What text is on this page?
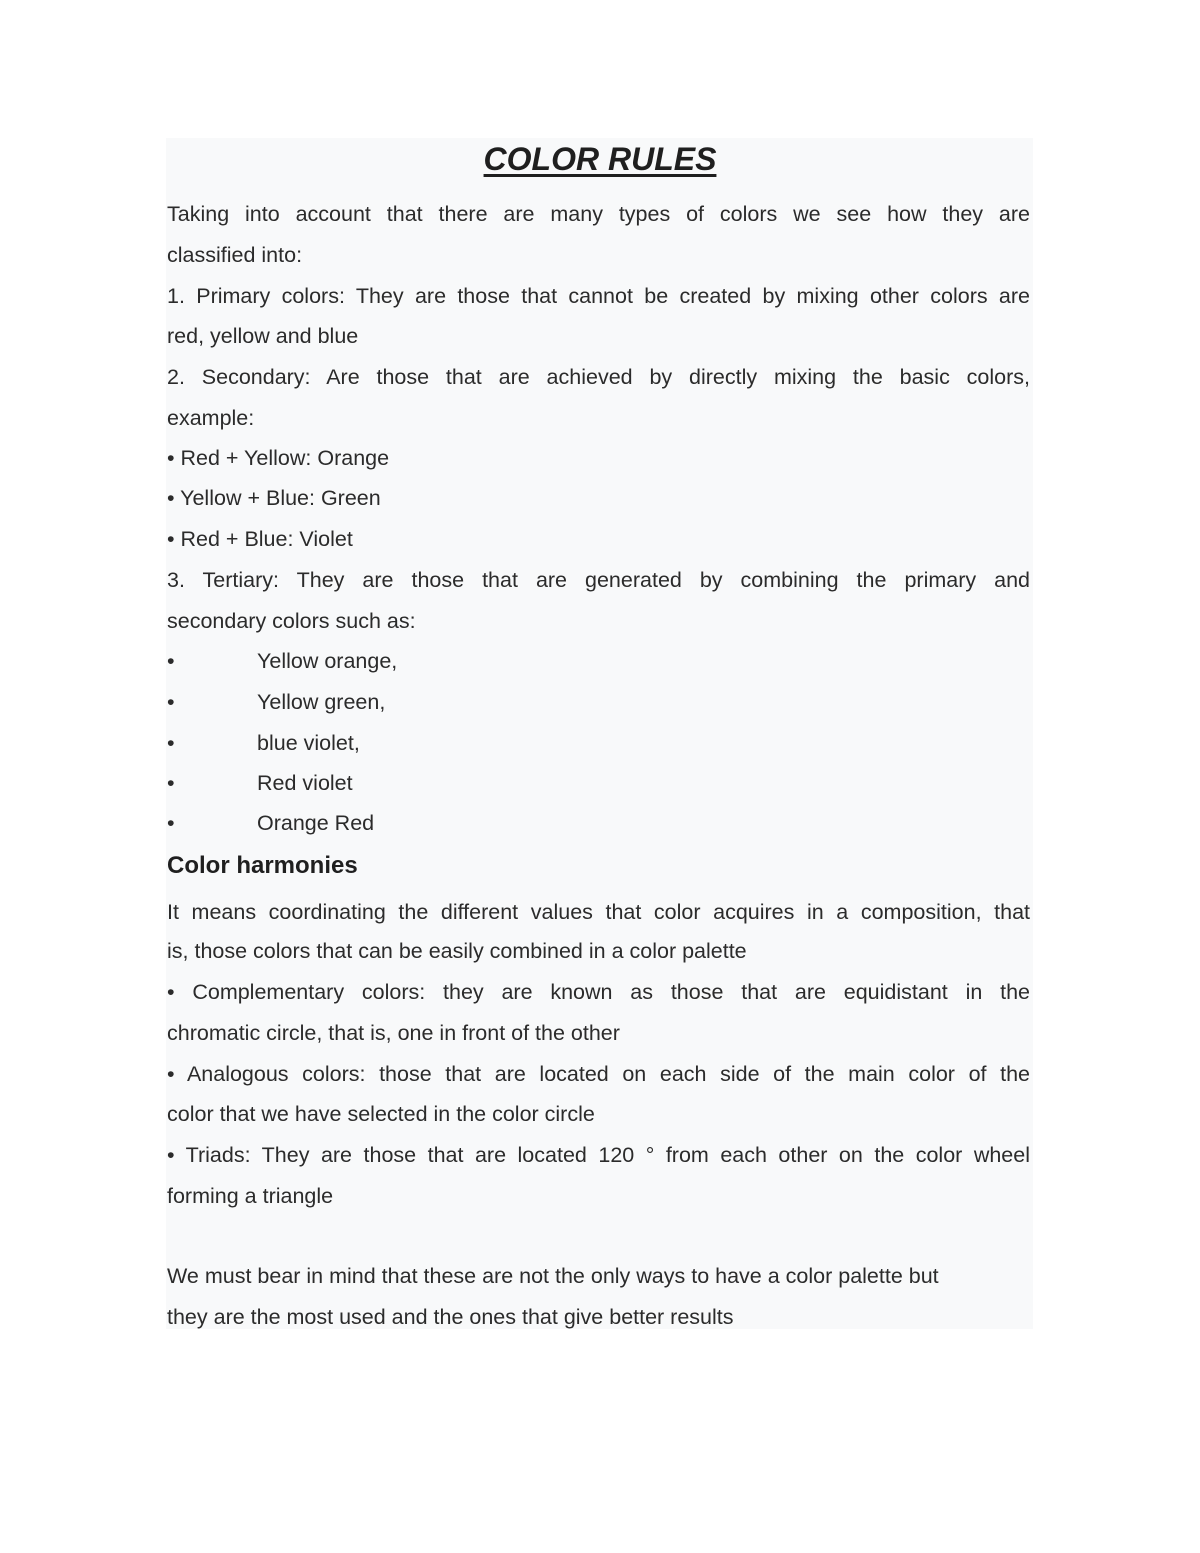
COLOR RULES
Taking into account that there are many types of colors we see how they are
classified into:
1. Primary colors: They are those that cannot be created by mixing other colors are
red, yellow and blue
2. Secondary: Are those that are achieved by directly mixing the basic colors,
example:
• Red + Yellow: Orange
• Yellow + Blue: Green
• Red + Blue: Violet
3. Tertiary: They are those that are generated by combining the primary and
secondary colors such as:
•	Yellow orange,
•	Yellow green,
•	blue violet,
•	Red violet
•	Orange Red
Color harmonies
It means coordinating the different values that color acquires in a composition, that
is, those colors that can be easily combined in a color palette
• Complementary colors: they are known as those that are equidistant in the
chromatic circle, that is, one in front of the other
• Analogous colors: those that are located on each side of the main color of the
color that we have selected in the color circle
• Triads: They are those that are located 120 ° from each other on the color wheel
forming a triangle
We must bear in mind that these are not the only ways to have a color palette but
they are the most used and the ones that give better results
